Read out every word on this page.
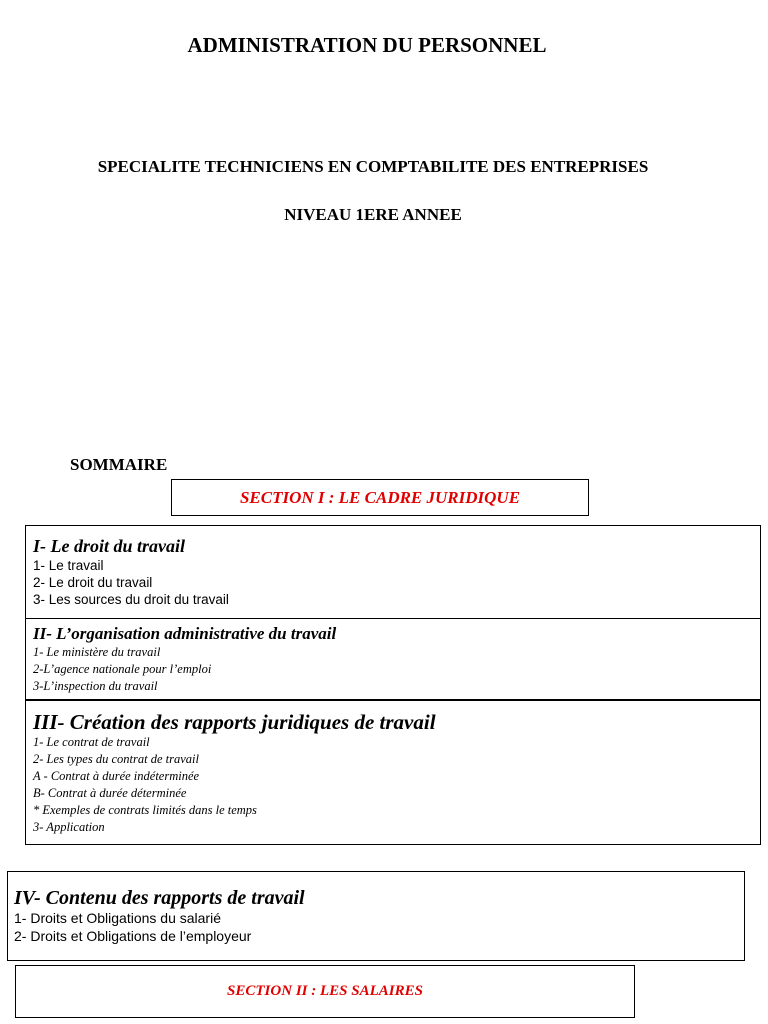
ADMINISTRATION DU PERSONNEL
SPECIALITE TECHNICIENS EN COMPTABILITE DES ENTREPRISES
NIVEAU 1ERE ANNEE
SOMMAIRE
SECTION I : LE CADRE JURIDIQUE
I- Le droit du travail
1- Le travail
2- Le droit du travail
3- Les sources du droit du travail
II- L’organisation administrative du travail
1- Le ministère du travail
2-L’agence nationale pour l’emploi
3-L’inspection du travail
III- Création des rapports juridiques de travail
1- Le contrat de travail
2- Les types du contrat de travail
A - Contrat à durée indéterminée
B- Contrat à durée déterminée
* Exemples de contrats limités dans le temps
3- Application
IV- Contenu des rapports de travail
1- Droits et Obligations du salarié
2- Droits et Obligations de l’employeur
SECTION II : LES SALAIRES
